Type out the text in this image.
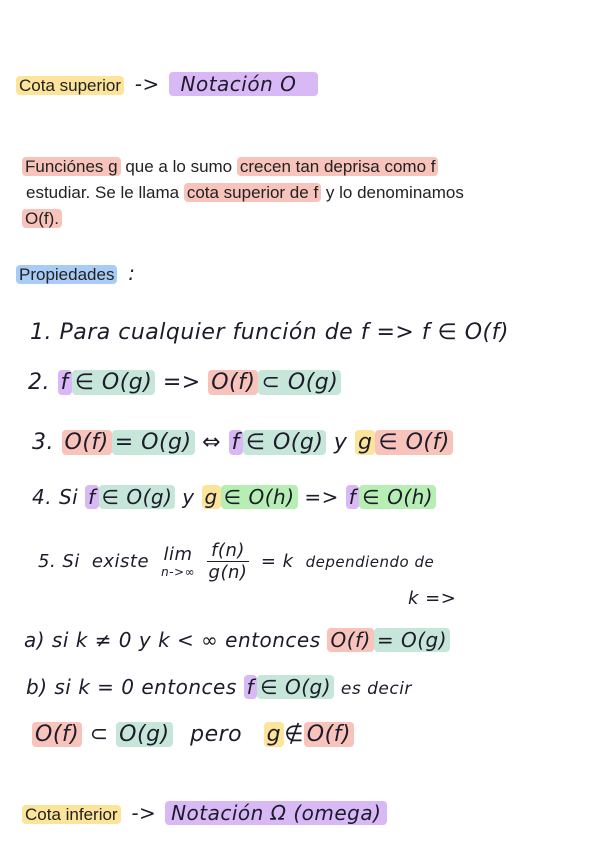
Cota superior -> Notación O
Funciónes g que a lo sumo crecen tan deprisa como f
estudiar. Se le llama cota superior de f y lo denominamos
O(f).
Propiedades :
1. Para cualquier función de f => f ∈ O(f)
2. f ∈ O(g) => O(f) ⊂ O(g)
3. O(f) = O(g) ⇔ f ∈ O(g) y g ∈ O(f)
4. Si f ∈ O(g) y g ∈ O(h) => f ∈ O(h)
5. Si existe lim
$n->\infty \frac{f(n)}{g(n)} = k$ dependiendo de
k =>
a) si k ≠ 0 y k < ∞ entonces O(f) = O(g)
b) si k = 0 entonces f ∈ O(g) es decir
O(f) ⊂ O(g) pero g ∉ O(f)
Cota inferior -> Notación Ω (omega)
